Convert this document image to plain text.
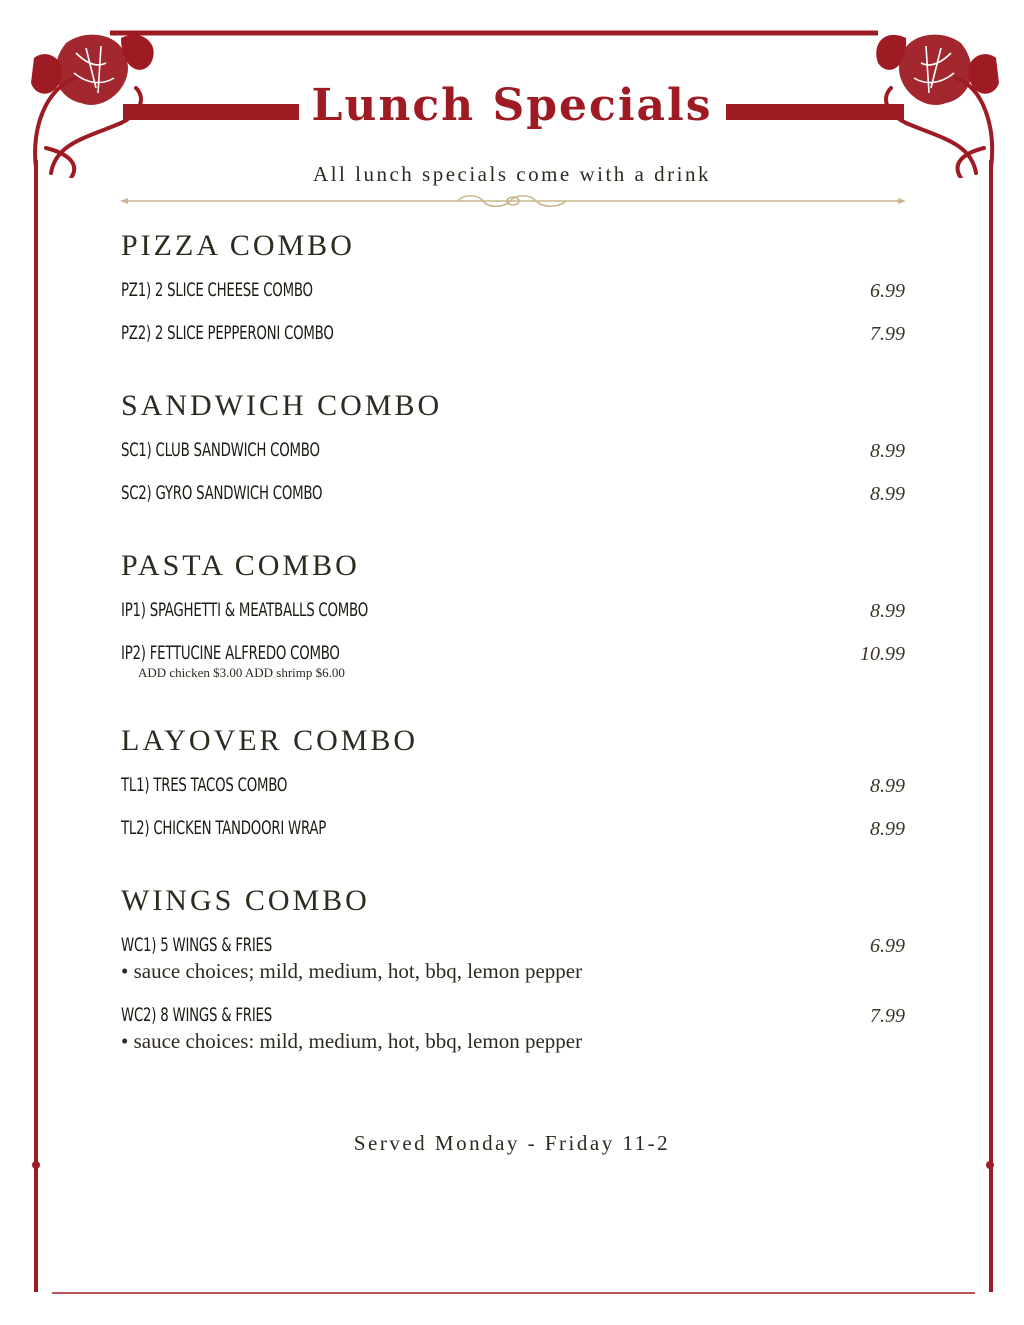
Lunch Specials
All lunch specials come with a drink
PIZZA COMBO
PZ1) 2 SLICE CHEESE COMBO	6.99
PZ2) 2 SLICE PEPPERONI COMBO	7.99
SANDWICH COMBO
SC1) CLUB SANDWICH COMBO	8.99
SC2) GYRO SANDWICH COMBO	8.99
PASTA COMBO
IP1) SPAGHETTI & MEATBALLS COMBO	8.99
IP2) FETTUCINE ALFREDO COMBO	10.99
ADD chicken $3.00 ADD shrimp $6.00
LAYOVER COMBO
TL1) TRES TACOS COMBO	8.99
TL2) CHICKEN TANDOORI WRAP	8.99
WINGS COMBO
WC1) 5 WINGS & FRIES	6.99
• sauce choices; mild, medium, hot, bbq, lemon pepper
WC2) 8 WINGS & FRIES	7.99
• sauce choices: mild, medium, hot, bbq, lemon pepper
Served Monday - Friday 11-2
